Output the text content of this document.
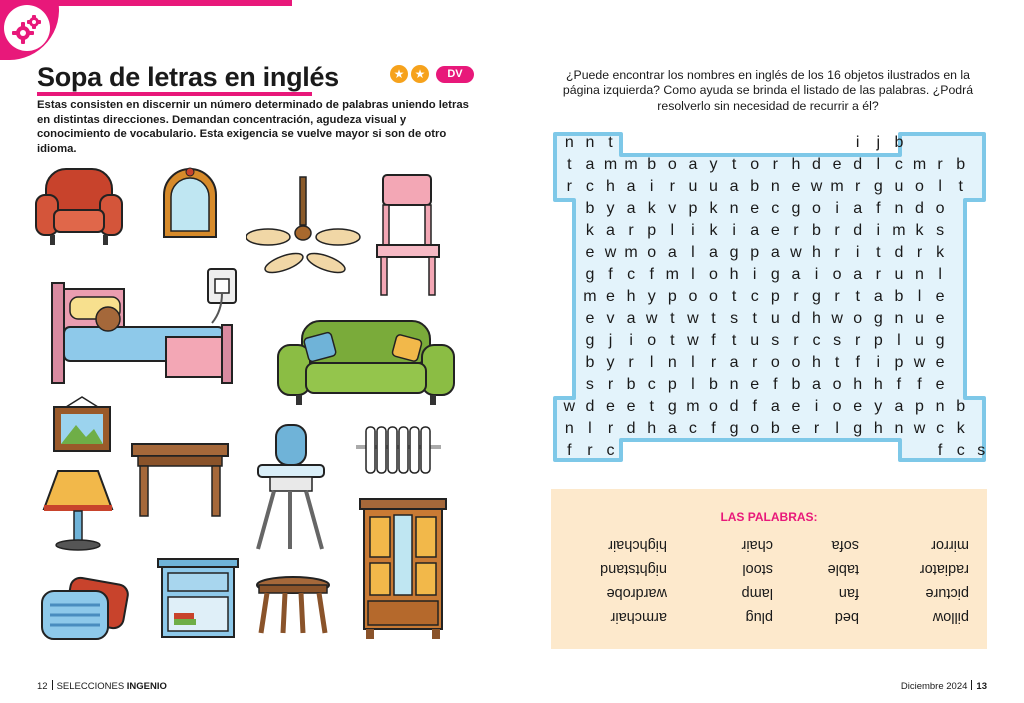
Sopa de letras en inglés	★ ★	DV
Estas consisten en discernir un número determinado de palabras uniendo letras en distintas direcciones. Demandan concentración, agudeza visual y conocimiento de vocabulario. Esta exigencia se vuelve mayor si son de otro idioma.
12 SELECCIONES INGENIO
¿Puede encontrar los nombres en inglés de los 16 objetos ilustrados en la página izquierda? Como ayuda se brinda el listado de las palabras. ¿Podrá resolverlo sin necesidad de recurrir a él?
n n t	i	j b
t a m m b o a y t o r h d e d l c m r b
r c h a i	r u u a b n e w m r g u o l	t
b y a k v p k n e c g o i a f n d o
k a r p l	i k i a e r b r d i m k s
e w m o a l a g p a w h r	i	t d r k
g f c f m l o h i g a i o a r u n l
m e h y p o o t c p r g r t a b l e
e v a w t w t s t u d h w o g n u e
g j	i o t w f	t u s r c s r p l u g
b y r	l n l	r a r o o h t	f	i p w e
s r b c p l b n e f b a o h h f	f e
w d e e t g m o d f a e i o e y a p n b
n l	r d h a c f g o b e r	l g h n w c k
f r c	f c s
LAS PALABRAS:
pillow
picture
radiator
mirror
bed
fan
table
sofa
plug
lamp
stool
chair
armchair
wardrobe
nightstand
highchair
Diciembre 2024 13
